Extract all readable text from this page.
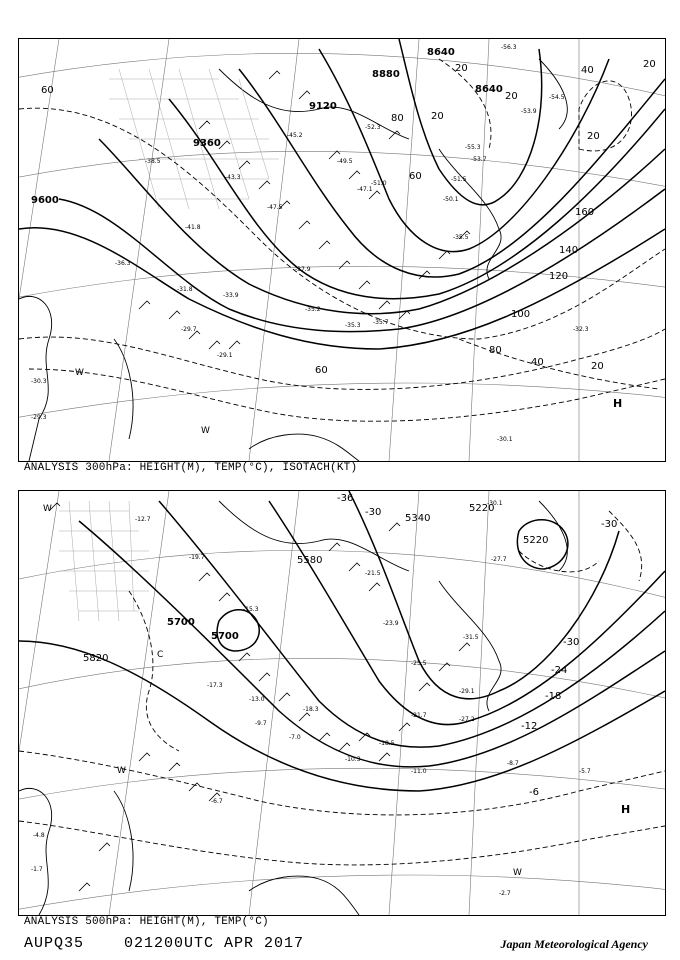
9600
9360
9120
8880
8640
8640
60
80
100
120
140
160
20
40
60
80	20
20
20
20
40
60
20
H
W
W
-30.1
-29.1
-33.9
-35.7
-35.3
-35.2
-37.9
-31.8
-29.7
-30.3
-29.3
-49.5
-45.2
-47.1
-51.0
-53.7
-55.3
-51.5
-50.1
-52.3
-43.3
-38.5
-41.8
-47.5
-36.3
-35.5
-54.5
-53.9
-56.3
-32.3
ANALYSIS 300hPa: HEIGHT(M), TEMP(°C), ISOTACH(KT)
5820
5700
5700
5580
5340
5220
5220
-36
-30
-30
-24
-18
-12
-6
-30
H
W
W
W
C
-19.7
-15.3
-13.0
-18.3
-18.5
-21.5
-21.7
-23.9
-25.5
-27.2
-29.1
-30.1
-31.5
-27.7
-9.7
-8.7
-11.0
-10.3
-6.7
-5.7
-4.8
-1.7
-2.7
-12.7
-17.3
-7.0
ANALYSIS 500hPa: HEIGHT(M), TEMP(°C)
AUPQ35	021200UTC APR 2017	Japan Meteorological Agency
